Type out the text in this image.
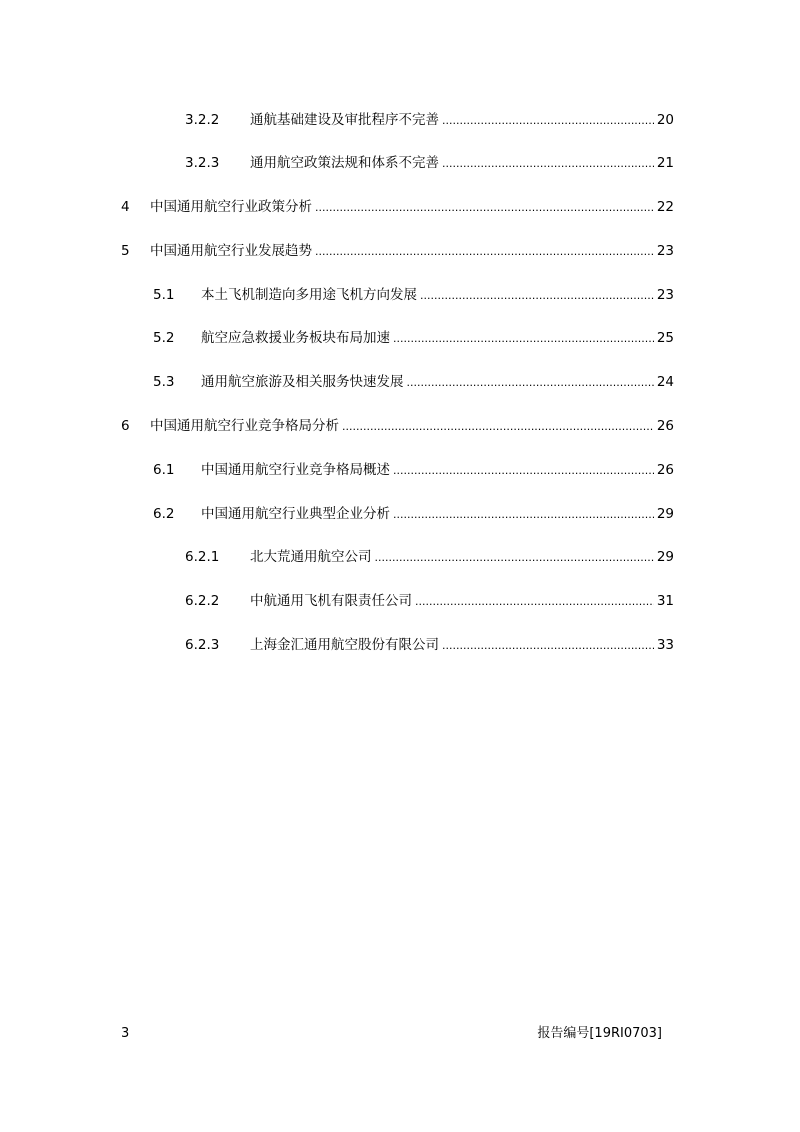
3.2.2 通航基础建设及审批程序不完善 .....	20
3.2.3 通用航空政策法规和体系不完善 .....	21
4 中国通用航空行业政策分析 .....	22
5 中国通用航空行业发展趋势 .....	23
5.1 本土飞机制造向多用途飞机方向发展 .....	23
5.2 航空应急救援业务板块布局加速 .....	25
5.3 通用航空旅游及相关服务快速发展 .....	24
6 中国通用航空行业竞争格局分析 .....	26
6.1 中国通用航空行业竞争格局概述 .....	26
6.2 中国通用航空行业典型企业分析 .....	29
6.2.1 北大荒通用航空公司 .....	29
6.2.2 中航通用飞机有限责任公司 .....	31
6.2.3 上海金汇通用航空股份有限公司 .....	33
3	报告编号[19RI0703]
